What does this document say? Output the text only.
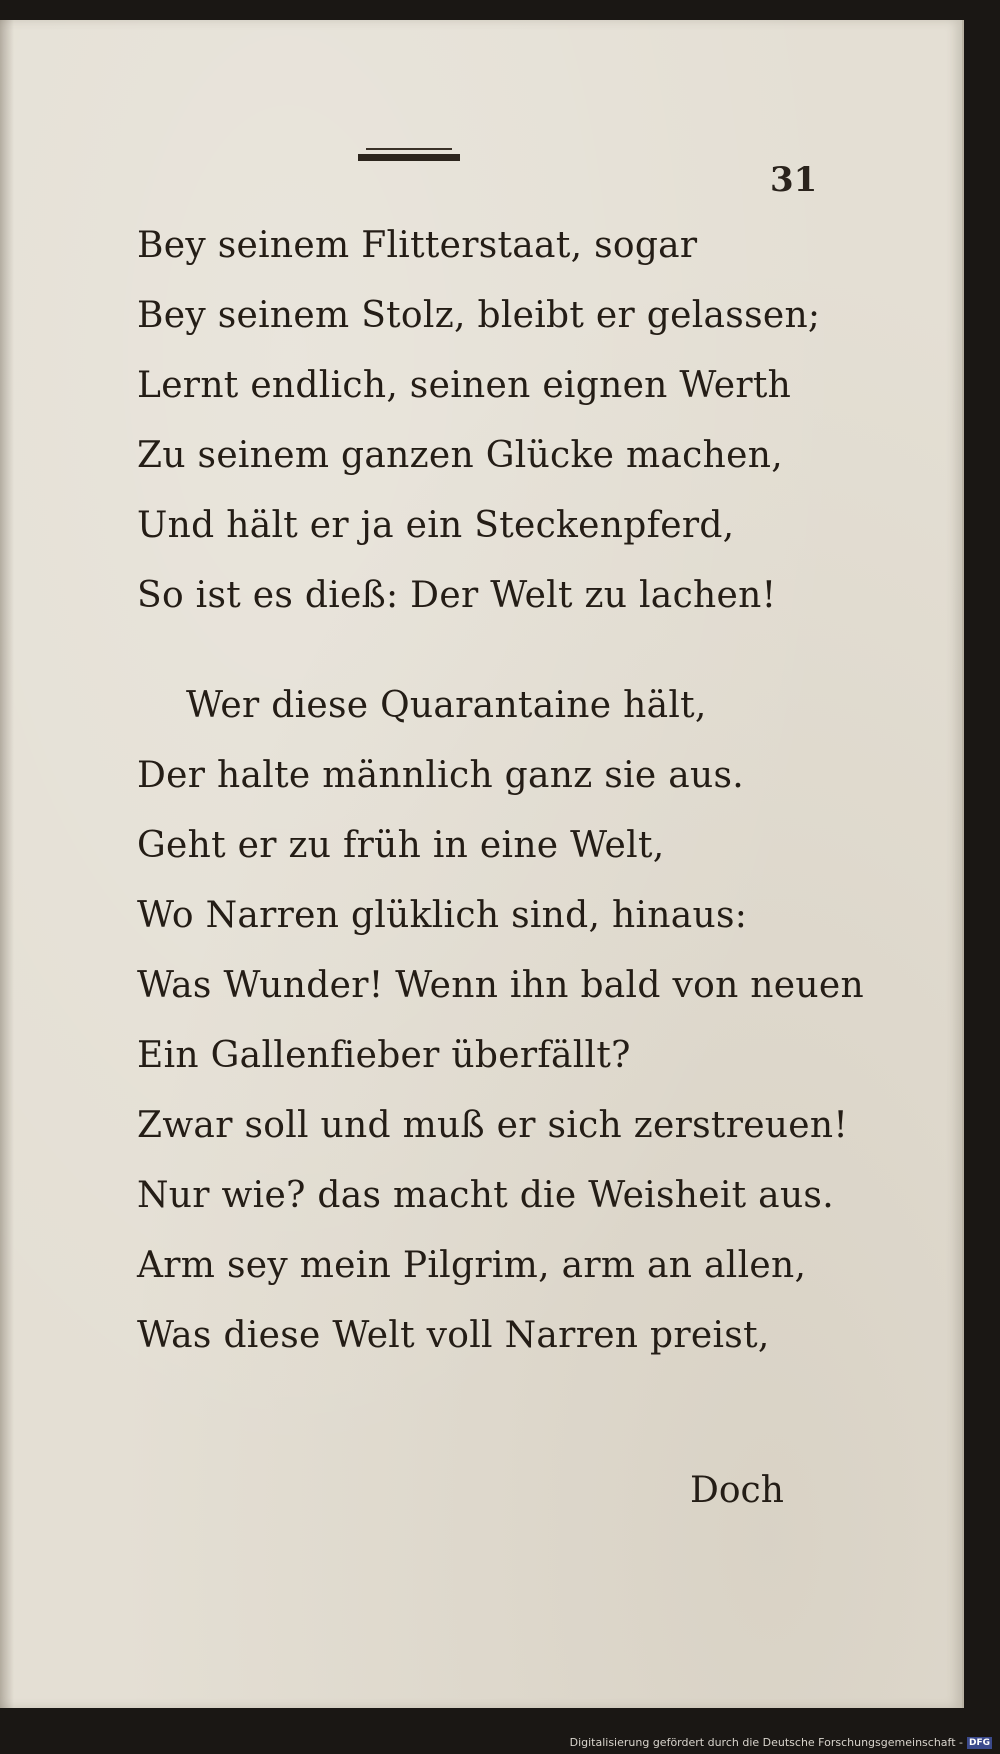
31
Bey seinem Flitterstaat, sogar
Bey seinem Stolz, bleibt er gelassen;
Lernt endlich, seinen eignen Werth
Zu seinem ganzen Glücke machen,
Und hält er ja ein Steckenpferd,
So ist es dieß: Der Welt zu lachen!
Wer diese Quarantaine hält,
Der halte männlich ganz sie aus.
Geht er zu früh in eine Welt,
Wo Narren glüklich sind, hinaus:
Was Wunder! Wenn ihn bald von neuen
Ein Gallenfieber überfällt?
Zwar soll und muß er sich zerstreuen!
Nur wie? das macht die Weisheit aus.
Arm sey mein Pilgrim, arm an allen,
Was diese Welt voll Narren preist,
Doch
Digitalisierung gefördert durch die Deutsche Forschungsgemeinschaft - DFG
